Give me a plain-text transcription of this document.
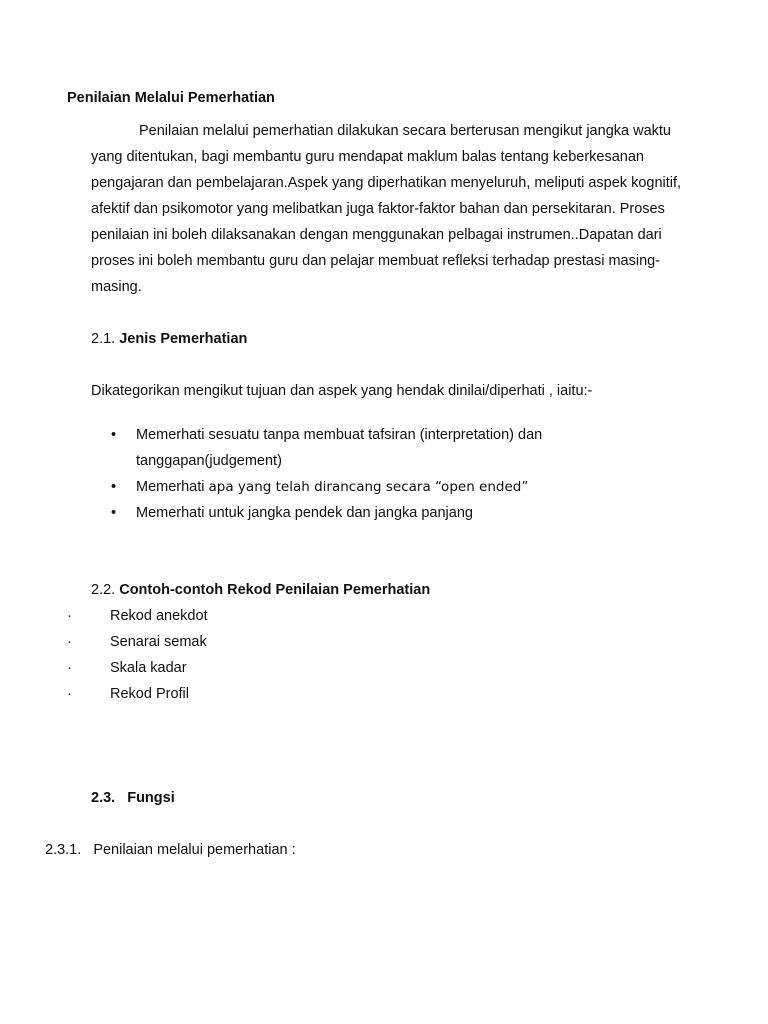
Penilaian Melalui Pemerhatian
Penilaian melalui pemerhatian dilakukan secara berterusan mengikut jangka waktu yang ditentukan, bagi membantu guru mendapat maklum balas tentang keberkesanan pengajaran dan pembelajaran.Aspek yang diperhatikan menyeluruh, meliputi aspek kognitif, afektif dan psikomotor yang melibatkan juga faktor-faktor bahan dan persekitaran. Proses penilaian ini boleh dilaksanakan dengan menggunakan pelbagai instrumen..Dapatan dari proses ini boleh membantu guru dan pelajar membuat refleksi terhadap prestasi masing-masing.
2.1. Jenis Pemerhatian
Dikategorikan mengikut tujuan dan aspek yang hendak dinilai/diperhati , iaitu:-
• Memerhati sesuatu tanpa membuat tafsiran (interpretation) dan tanggapan(judgement)
• Memerhati apa yang telah dirancang secara “open ended”
• Memerhati untuk jangka pendek dan jangka panjang
2.2. Contoh-contoh Rekod Penilaian Pemerhatian
·	Rekod anekdot
·	Senarai semak
·	Skala kadar
·	Rekod Profil
2.3. Fungsi
2.3.1. Penilaian melalui pemerhatian :
